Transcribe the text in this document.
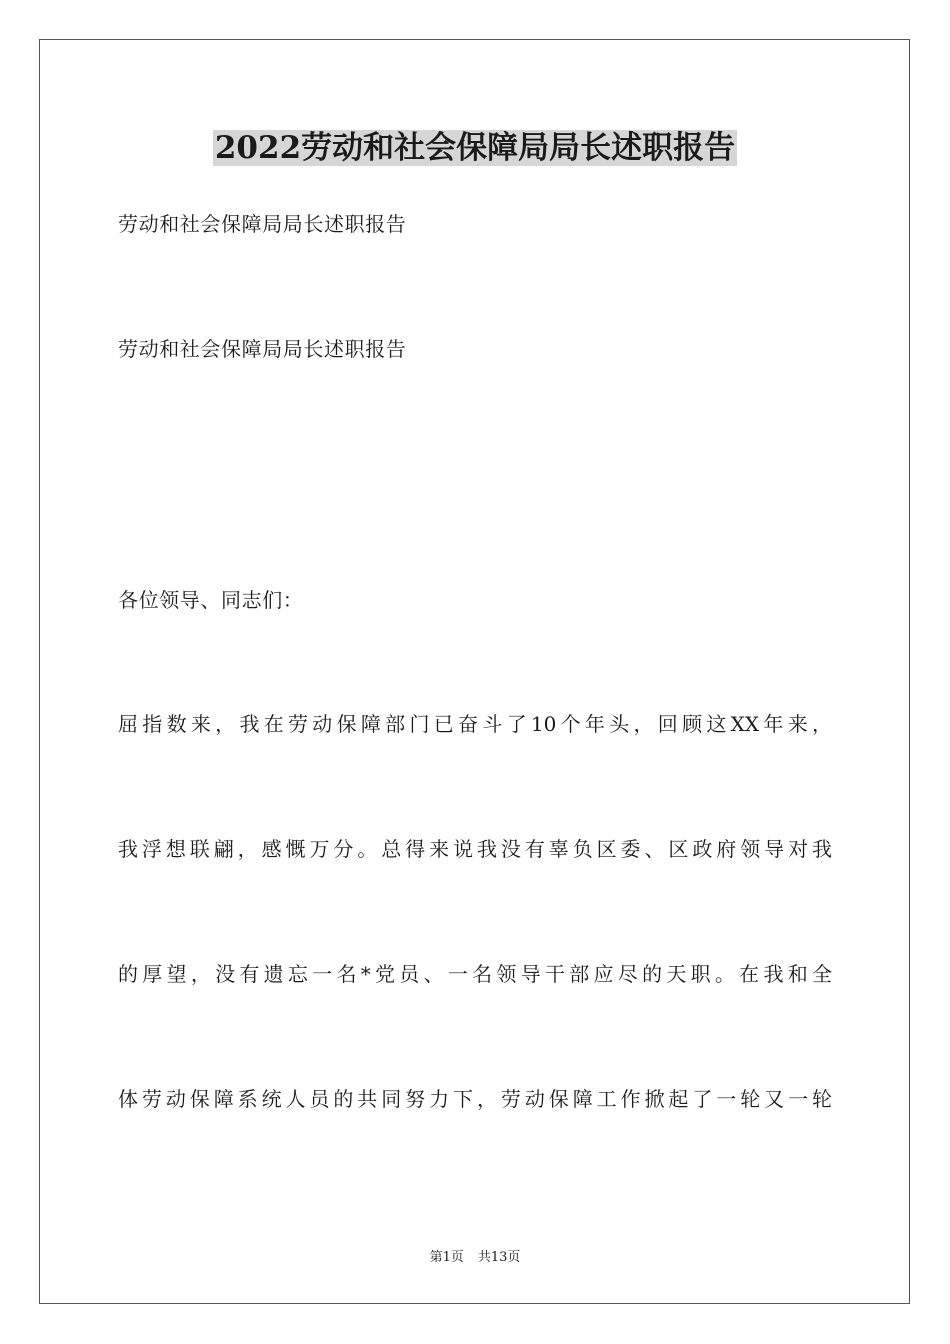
2022劳动和社会保障局局长述职报告
劳动和社会保障局局长述职报告
劳动和社会保障局局长述职报告
各位领导、同志们：
屈指数来，我在劳动保障部门已奋斗了10个年头，回顾这XX年来，
我浮想联翩，感慨万分。总得来说我没有辜负区委、区政府领导对我
的厚望，没有遗忘一名*党员、一名领导干部应尽的天职。在我和全
体劳动保障系统人员的共同努力下，劳动保障工作掀起了一轮又一轮
第1页 共13页
